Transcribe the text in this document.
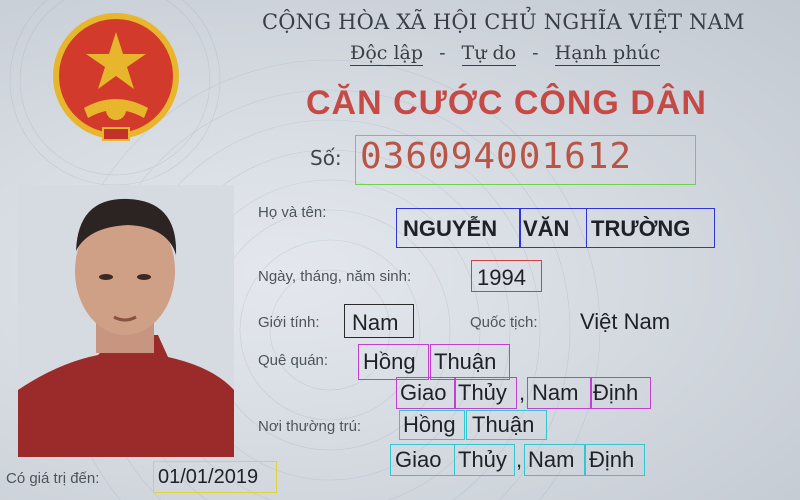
CỘNG HÒA XÃ HỘI CHỦ NGHĨA VIỆT NAM
Độc lập - Tự do - Hạnh phúc
CĂN CƯỚC CÔNG DÂN
Số: 036094001612
Họ và tên:
NGUYỄN VĂN TRƯỜNG
Ngày, tháng, năm sinh:	1994
Giới tính: Nam	Quốc tịch: Việt Nam
Quê quán: Hồng Thuận
Giao Thủy , Nam Định
Nơi thường trú: Hồng Thuận
Giao Thủy , Nam Định
Có giá trị đến:	01/01/2019
